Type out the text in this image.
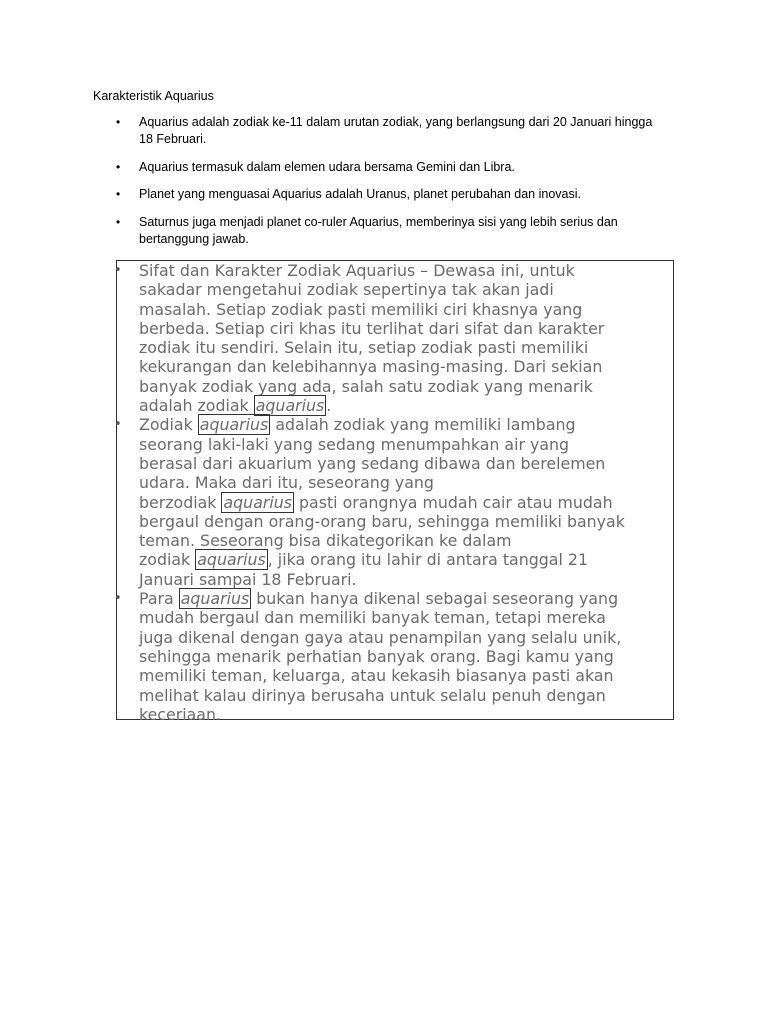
Karakteristik Aquarius
• Aquarius adalah zodiak ke-11 dalam urutan zodiak, yang berlangsung dari 20 Januari hingga
18 Februari.
• Aquarius termasuk dalam elemen udara bersama Gemini dan Libra.
• Planet yang menguasai Aquarius adalah Uranus, planet perubahan dan inovasi.
• Saturnus juga menjadi planet co-ruler Aquarius, memberinya sisi yang lebih serius dan
bertanggung jawab.
• Sifat dan Karakter Zodiak Aquarius – Dewasa ini, untuk
sakadar mengetahui zodiak sepertinya tak akan jadi
masalah. Setiap zodiak pasti memiliki ciri khasnya yang
berbeda. Setiap ciri khas itu terlihat dari sifat dan karakter
zodiak itu sendiri. Selain itu, setiap zodiak pasti memiliki
kekurangan dan kelebihannya masing-masing. Dari sekian
banyak zodiak yang ada, salah satu zodiak yang menarik
adalah zodiak aquarius .
• Zodiak aquarius adalah zodiak yang memiliki lambang
seorang laki-laki yang sedang menumpahkan air yang
berasal dari akuarium yang sedang dibawa dan berelemen
udara. Maka dari itu, seseorang yang
berzodiak aquarius pasti orangnya mudah cair atau mudah
bergaul dengan orang-orang baru, sehingga memiliki banyak
teman. Seseorang bisa dikategorikan ke dalam
zodiak aquarius , jika orang itu lahir di antara tanggal 21
Januari sampai 18 Februari.
• Para aquarius bukan hanya dikenal sebagai seseorang yang
mudah bergaul dan memiliki banyak teman, tetapi mereka
juga dikenal dengan gaya atau penampilan yang selalu unik,
sehingga menarik perhatian banyak orang. Bagi kamu yang
memiliki teman, keluarga, atau kekasih biasanya pasti akan
melihat kalau dirinya berusaha untuk selalu penuh dengan
keceriaan.
